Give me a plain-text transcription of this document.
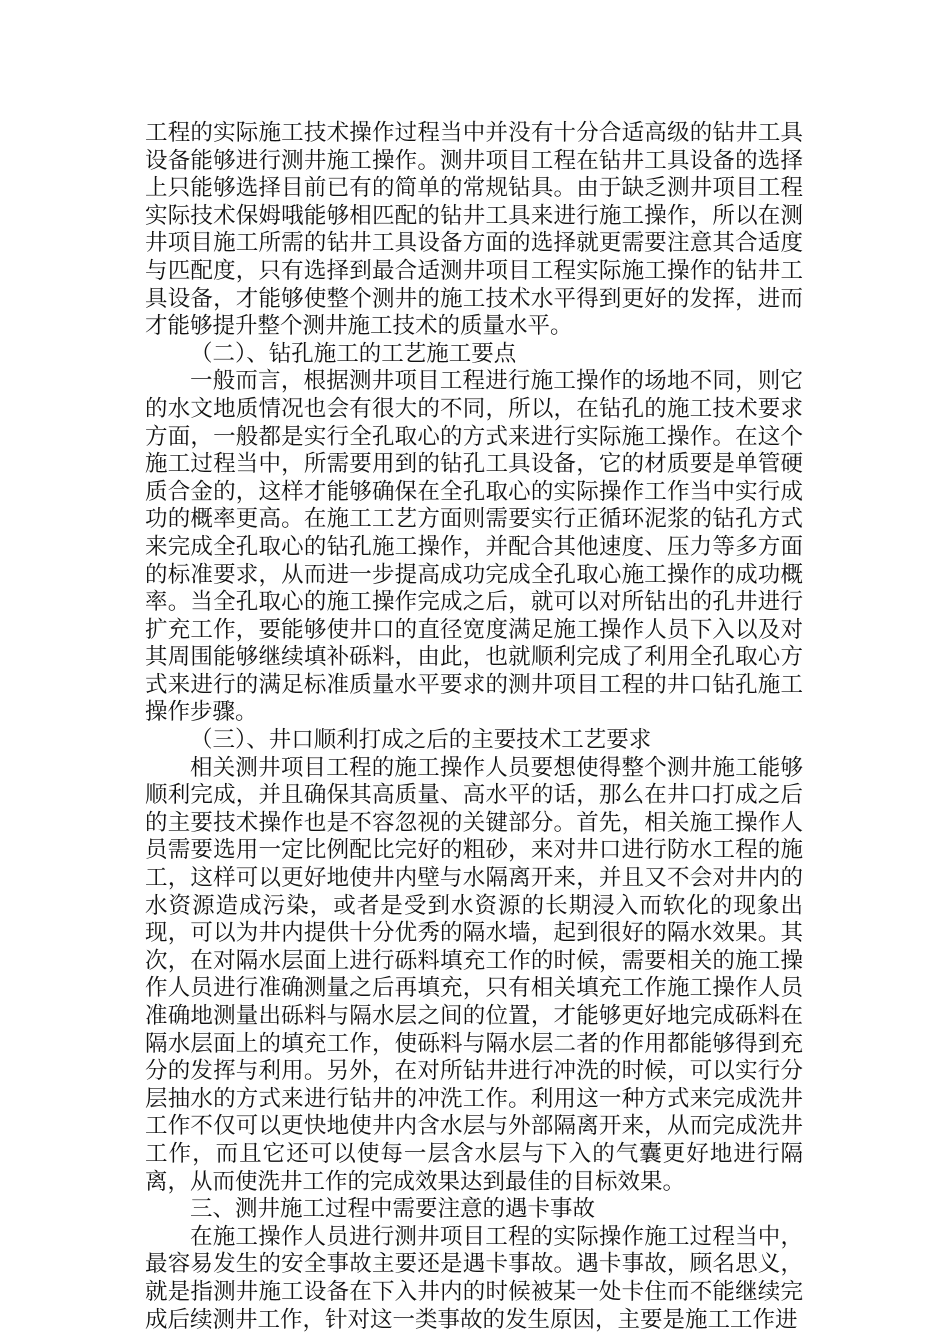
工程的实际施工技术操作过程当中并没有十分合适高级的钻井工具设备能够进行测井施工操作。测井项目工程在钻井工具设备的选择上只能够选择目前已有的简单的常规钻具。由于缺乏测井项目工程实际技术保姆哦能够相匹配的钻井工具来进行施工操作，所以在测井项目施工所需的钻井工具设备方面的选择就更需要注意其合适度与匹配度，只有选择到最合适测井项目工程实际施工操作的钻井工具设备，才能够使整个测井的施工技术水平得到更好的发挥，进而才能够提升整个测井施工技术的质量水平。

（二）、钻孔施工的工艺施工要点

一般而言，根据测井项目工程进行施工操作的场地不同，则它的水文地质情况也会有很大的不同，所以，在钻孔的施工技术要求方面，一般都是实行全孔取心的方式来进行实际施工操作。在这个施工过程当中，所需要用到的钻孔工具设备，它的材质要是单管硬质合金的，这样才能够确保在全孔取心的实际操作工作当中实行成功的概率更高。在施工工艺方面则需要实行正循环泥浆的钻孔方式来完成全孔取心的钻孔施工操作，并配合其他速度、压力等多方面的标准要求，从而进一步提高成功完成全孔取心施工操作的成功概率。当全孔取心的施工操作完成之后，就可以对所钻出的孔井进行扩充工作，要能够使井口的直径宽度满足施工操作人员下入以及对其周围能够继续填补砾料，由此，也就顺利完成了利用全孔取心方式来进行的满足标准质量水平要求的测井项目工程的井口钻孔施工操作步骤。

（三）、井口顺利打成之后的主要技术工艺要求

相关测井项目工程的施工操作人员要想使得整个测井施工能够顺利完成，并且确保其高质量、高水平的话，那么在井口打成之后的主要技术操作也是不容忽视的关键部分。首先，相关施工操作人员需要选用一定比例配比完好的粗砂，来对井口进行防水工程的施工，这样可以更好地使井内壁与水隔离开来，并且又不会对井内的水资源造成污染，或者是受到水资源的长期浸入而软化的现象出现，可以为井内提供十分优秀的隔水墙，起到很好的隔水效果。其次，在对隔水层面上进行砾料填充工作的时候，需要相关的施工操作人员进行准确测量之后再填充，只有相关填充工作施工操作人员准确地测量出砾料与隔水层之间的位置，才能够更好地完成砾料在隔水层面上的填充工作，使砾料与隔水层二者的作用都能够得到充分的发挥与利用。另外，在对所钻井进行冲洗的时候，可以实行分层抽水的方式来进行钻井的冲洗工作。利用这一种方式来完成洗井工作不仅可以更快地使井内含水层与外部隔离开来，从而完成洗井工作，而且它还可以使每一层含水层与下入的气囊更好地进行隔离，从而使洗井工作的完成效果达到最佳的目标效果。

三、测井施工过程中需要注意的遇卡事故

在施工操作人员进行测井项目工程的实际操作施工过程当中，最容易发生的安全事故主要还是遇卡事故。遇卡事故，顾名思义，就是指测井施工设备在下入井内的时候被某一处卡住而不能继续完成后续测井工作，针对这一类事故的发生原因，主要是施工工作进
